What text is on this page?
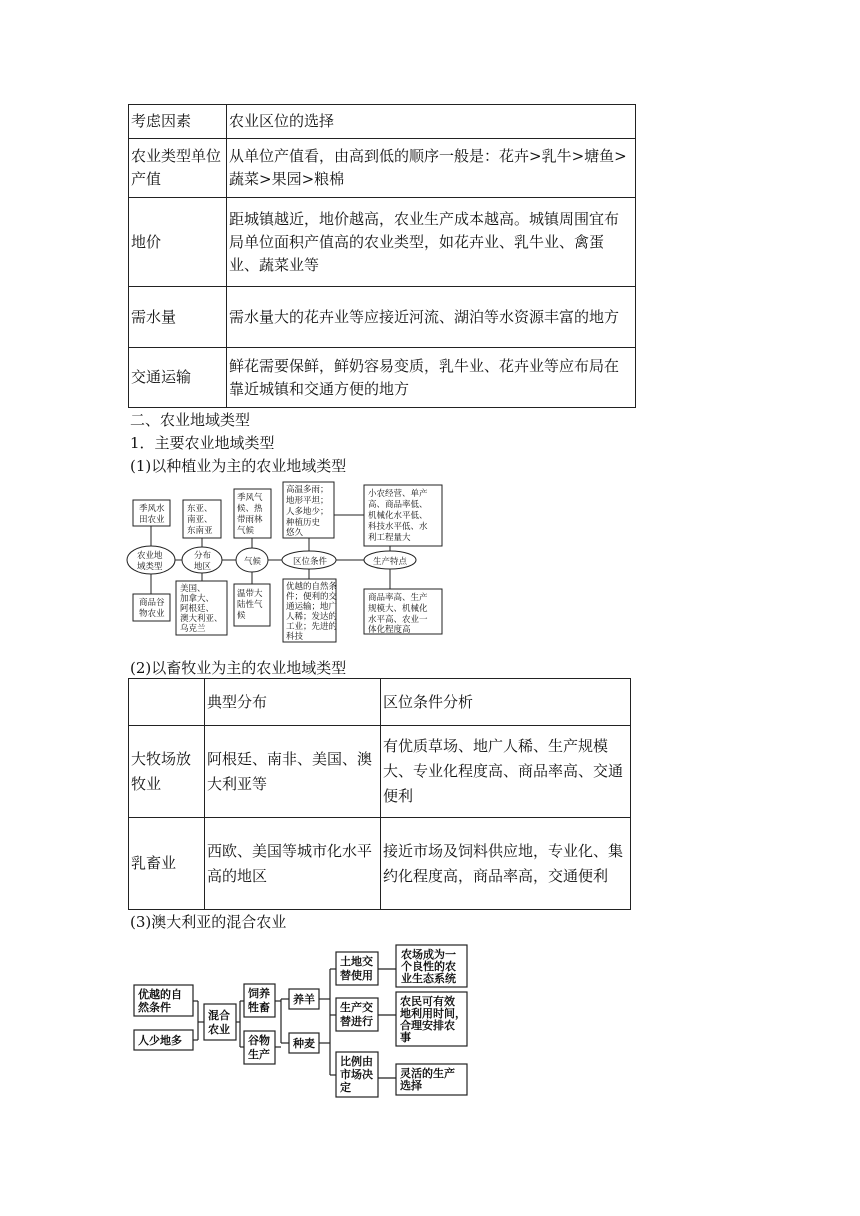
考虑因素	农业区位的选择
农业类型单位产值	从单位产值看，由高到低的顺序一般是：花卉>乳牛>塘鱼>蔬菜>果园>粮棉
地价	距城镇越近，地价越高，农业生产成本越高。城镇周围宜布局单位面积产值高的农业类型，如花卉业、乳牛业、禽蛋业、蔬菜业等
需水量	需水量大的花卉业等应接近河流、湖泊等水资源丰富的地方
交通运输	鲜花需要保鲜，鲜奶容易变质，乳牛业、花卉业等应布局在靠近城镇和交通方便的地方
二、农业地域类型
1．主要农业地域类型
(1)以种植业为主的农业地域类型
季风水田农业
商品谷物农业
东亚、南亚、东南亚
美国、加拿大、阿根廷、澳大利亚、乌克兰
季风气候、热带雨林气候
温带大陆性气候
高温多雨；地形平坦；人多地少；种植历史悠久
优越的自然条件；便利的交通运输；地广人稀；发达的工业；先进的科技
小农经营、单产高、商品率低、机械化水平低、科技水平低、水利工程量大
商品率高、生产规模大、机械化水平高、农业一体化程度高
农业地域类型
分布地区	气候	区位条件	生产特点
(2)以畜牧业为主的农业地域类型
	典型分布	区位条件分析
大牧场放牧业	阿根廷、南非、美国、澳大利亚等	有优质草场、地广人稀、生产规模大、专业化程度高、商品率高、交通便利
乳畜业	西欧、美国等城市化水平高的地区	接近市场及饲料供应地，专业化、集约化程度高，商品率高，交通便利
(3)澳大利亚的混合农业
优越的自然条件
人少地多
混合农业
饲养牲畜
谷物生产
养羊
种麦
土地交替使用
生产交替进行
比例由市场决定
农场成为一个良性的农业生态系统
农民可有效地利用时间，合理安排农事
灵活的生产选择
